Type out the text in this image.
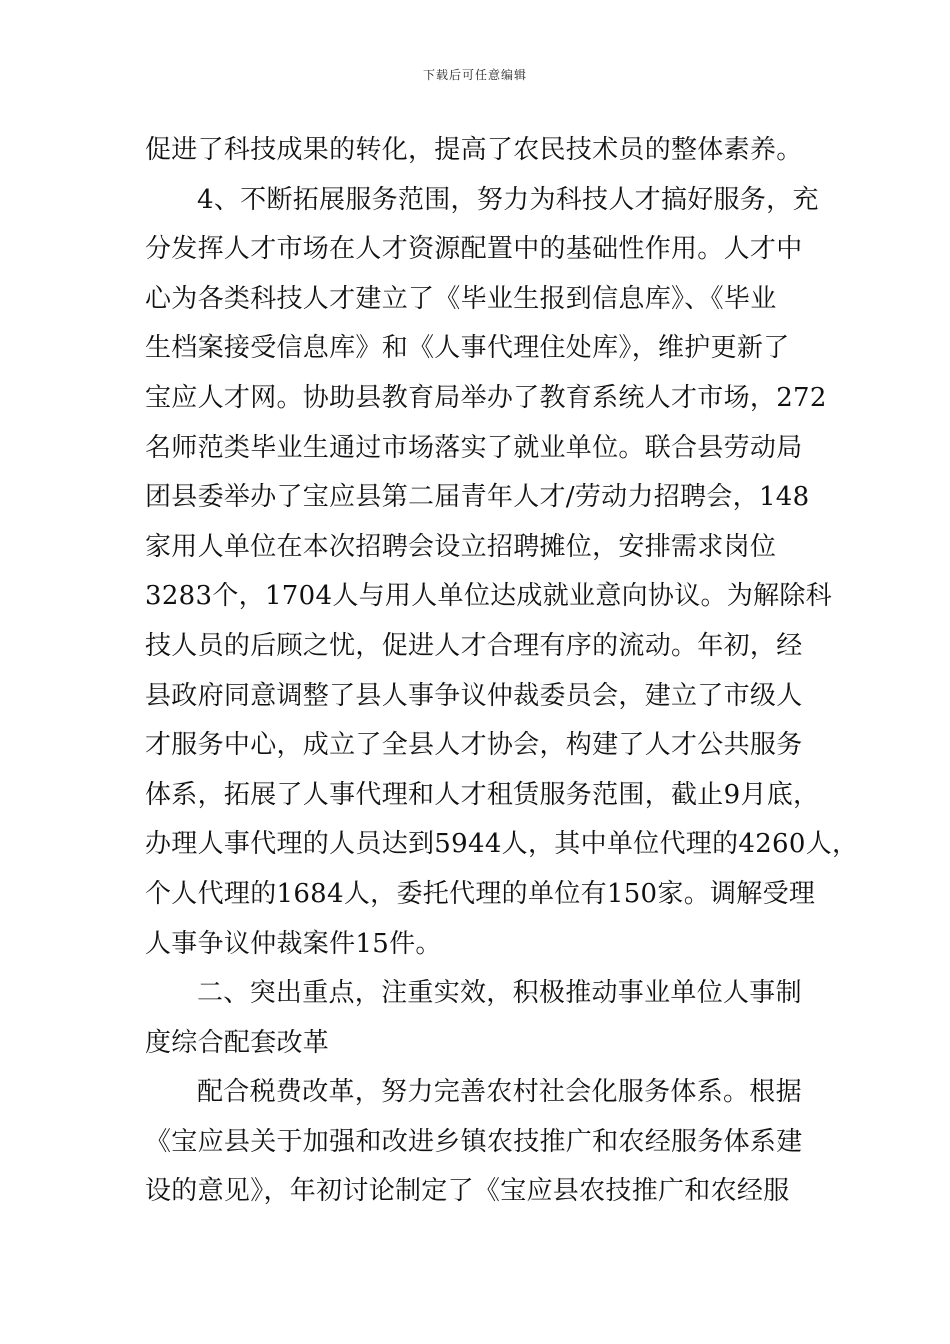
下载后可任意编辑
促进了科技成果的转化，提高了农民技术员的整体素养。
4、不断拓展服务范围，努力为科技人才搞好服务，充
分发挥人才市场在人才资源配置中的基础性作用。人才中
心为各类科技人才建立了《毕业生报到信息库》、《毕业
生档案接受信息库》和《人事代理住处库》，维护更新了
宝应人才网。协助县教育局举办了教育系统人才市场，272
名师范类毕业生通过市场落实了就业单位。联合县劳动局
团县委举办了宝应县第二届青年人才/劳动力招聘会，148
家用人单位在本次招聘会设立招聘摊位，安排需求岗位
3283个，1704人与用人单位达成就业意向协议。为解除科
技人员的后顾之忧，促进人才合理有序的流动。年初，经
县政府同意调整了县人事争议仲裁委员会，建立了市级人
才服务中心，成立了全县人才协会，构建了人才公共服务
体系，拓展了人事代理和人才租赁服务范围，截止9月底，
办理人事代理的人员达到5944人，其中单位代理的4260人，
个人代理的1684人，委托代理的单位有150家。调解受理
人事争议仲裁案件15件。
二、突出重点，注重实效，积极推动事业单位人事制
度综合配套改革
配合税费改革，努力完善农村社会化服务体系。根据
《宝应县关于加强和改进乡镇农技推广和农经服务体系建
设的意见》，年初讨论制定了《宝应县农技推广和农经服
